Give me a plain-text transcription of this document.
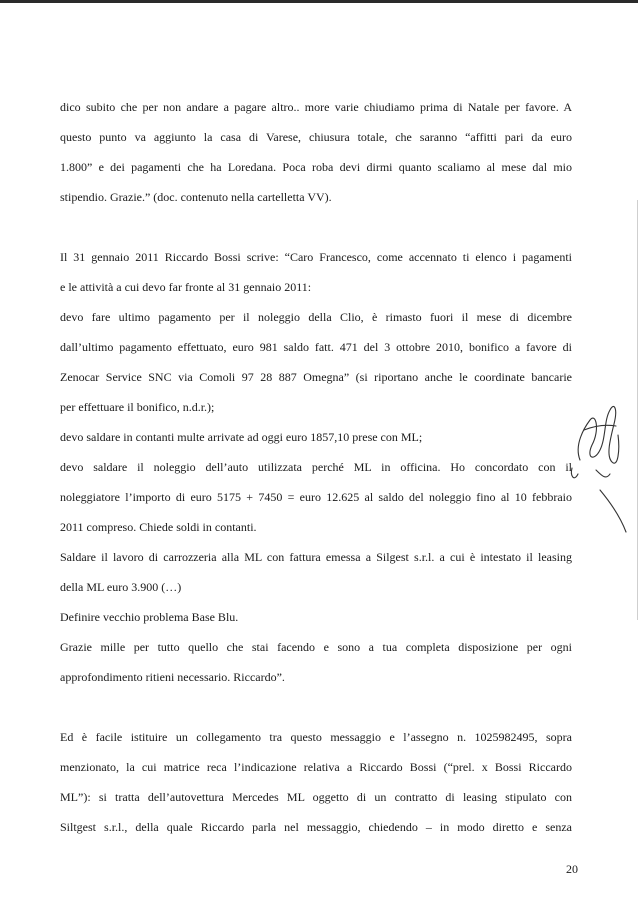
dico subito che per non andare a pagare altro.. more varie chiudiamo prima di Natale per favore. A
questo punto va aggiunto la casa di Varese, chiusura totale, che saranno “affitti pari da euro
1.800” e dei pagamenti che ha Loredana. Poca roba devi dirmi quanto scaliamo al mese dal mio
stipendio. Grazie.” (doc. contenuto nella cartelletta VV).
Il 31 gennaio 2011 Riccardo Bossi scrive: “Caro Francesco, come accennato ti elenco i pagamenti
e le attività a cui devo far fronte al 31 gennaio 2011:
devo fare ultimo pagamento per il noleggio della Clio, è rimasto fuori il mese di dicembre
dall’ultimo pagamento effettuato, euro 981 saldo fatt. 471 del 3 ottobre 2010, bonifico a favore di
Zenocar Service SNC via Comoli 97 28 887 Omegna” (si riportano anche le coordinate bancarie
per effettuare il bonifico, n.d.r.);
devo saldare in contanti multe arrivate ad oggi euro 1857,10 prese con ML;
devo saldare il noleggio dell’auto utilizzata perché ML in officina. Ho concordato con il
noleggiatore l’importo di euro 5175 + 7450 = euro 12.625 al saldo del noleggio fino al 10 febbraio
2011 compreso. Chiede soldi in contanti.
Saldare il lavoro di carrozzeria alla ML con fattura emessa a Silgest s.r.l. a cui è intestato il leasing
della ML euro 3.900 (…)
Definire vecchio problema Base Blu.
Grazie mille per tutto quello che stai facendo e sono a tua completa disposizione per ogni
approfondimento ritieni necessario. Riccardo”.
Ed è facile istituire un collegamento tra questo messaggio e l’assegno n. 1025982495, sopra
menzionato, la cui matrice reca l’indicazione relativa a Riccardo Bossi (“prel. x Bossi Riccardo
ML”): si tratta dell’autovettura Mercedes ML oggetto di un contratto di leasing stipulato con
Siltgest s.r.l., della quale Riccardo parla nel messaggio, chiedendo – in modo diretto e senza
20
